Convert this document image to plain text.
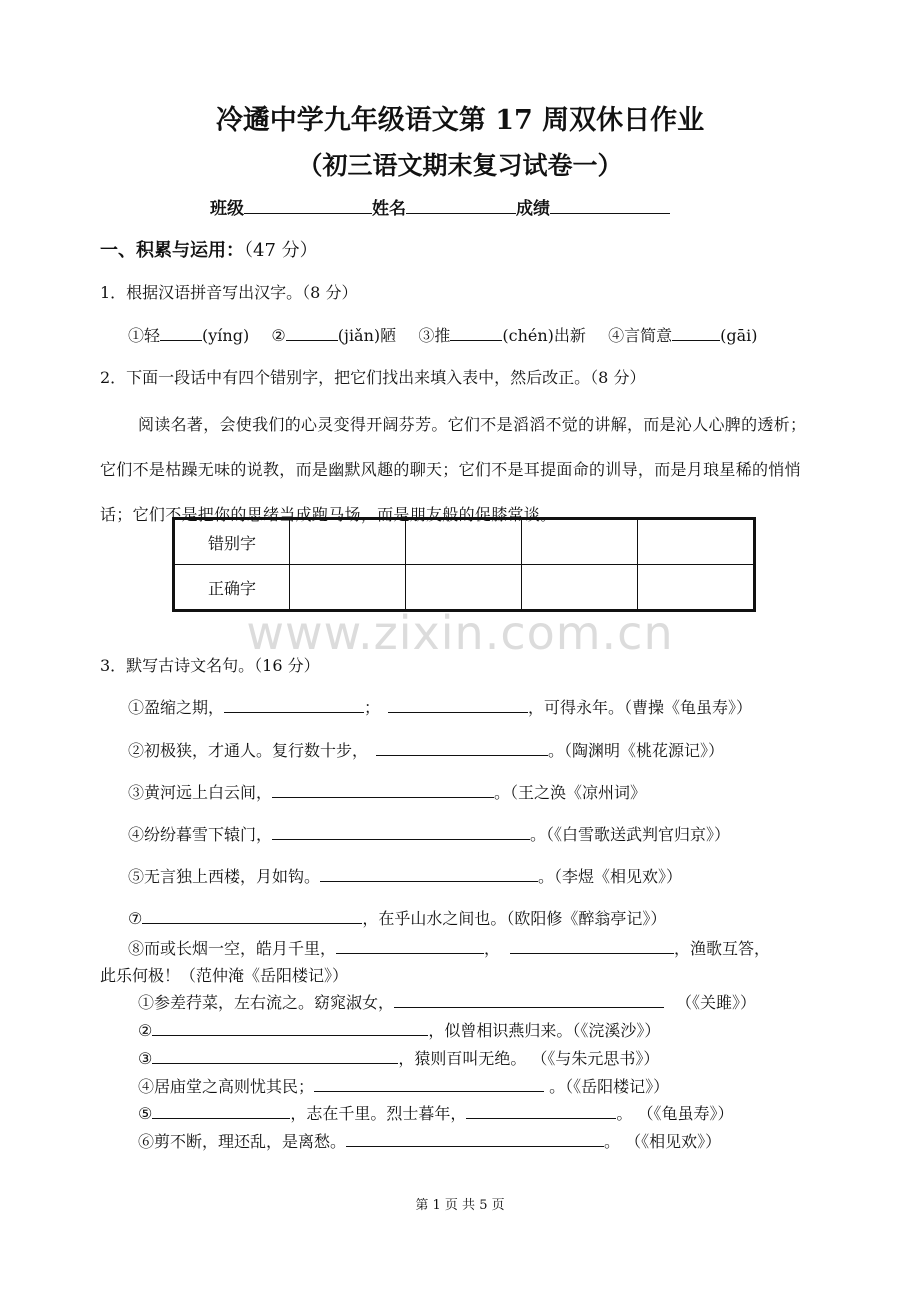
冷遹中学九年级语文第 17 周双休日作业
（初三语文期末复习试卷一）
班级	姓名	成绩
一、积累与运用：（47 分）
1．根据汉语拼音写出汉字。（8 分）
①轻	(yíng) ②	(jiǎn)陋 ③推	(chén)出新 ④言简意	(gāi)
2．下面一段话中有四个错别字，把它们找出来填入表中，然后改正。（8 分）
阅读名著，会使我们的心灵变得开阔芬芳。它们不是滔滔不觉的讲解，而是沁人心脾的透析；它们不是枯躁无味的说教，而是幽默风趣的聊天；它们不是耳提面命的训导，而是月琅星稀的悄悄话；它们不是把你的思绪当成跑马场，而是朋友般的促膝常谈。
错别字				
正确字				
www.zixin.com.cn
3．默写古诗文名句。（16 分）
①盈缩之期，	；	，可得永年。（曹操《龟虽寿》）
②初极狭，才通人。复行数十步，	。（陶渊明《桃花源记》）
③黄河远上白云间，	。（王之涣《凉州词》
④纷纷暮雪下辕门，	。（《白雪歌送武判官归京》）
⑤无言独上西楼，月如钩。	。（李煜《相见欢》）
⑦	，在乎山水之间也。（欧阳修《醉翁亭记》）
⑧而或长烟一空，皓月千里，	，	，渔歌互答，
此乐何极！（范仲淹《岳阳楼记》）
①参差荇菜，左右流之。窈窕淑女，	（《关雎》）
②	，似曾相识燕归来。（《浣溪沙》）
③	，猿则百叫无绝。 （《与朱元思书》）
④居庙堂之高则忧其民；	。（《岳阳楼记》）
⑤	，志在千里。烈士暮年，	。 （《龟虽寿》）
⑥剪不断，理还乱，是离愁。	。 （《相见欢》）
第 1 页 共 5 页
